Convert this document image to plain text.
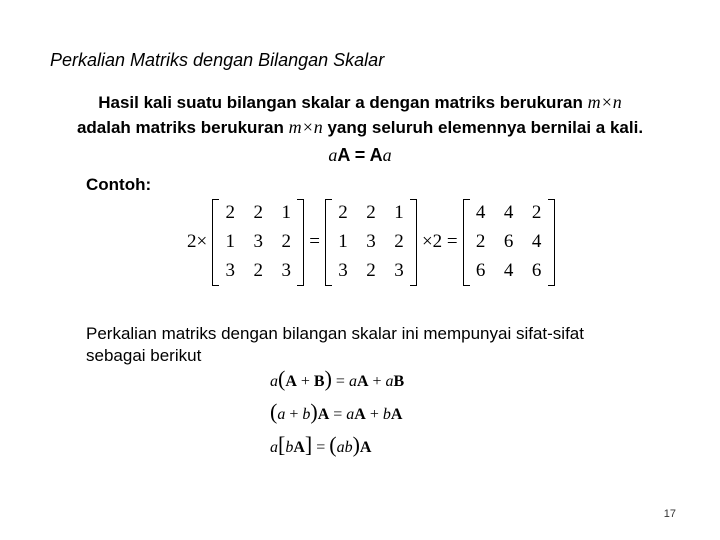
Perkalian Matriks dengan Bilangan Skalar
Hasil kali suatu bilangan skalar a dengan matriks berukuran m×n
adalah matriks berukuran m×n yang seluruh elemennya bernilai a kali.
aA = Aa
Contoh:
2×
2 2 1
1 3 2
3 2 3
=
2 2 1
1 3 2
3 2 3
×2 =
4 4 2
2 6 4
6 4 6
Perkalian matriks dengan bilangan skalar ini mempunyai sifat-sifat sebagai berikut
a(A + B) = aA + aB
(a + b)A = aA + bA
a[bA] = (ab)A
17
